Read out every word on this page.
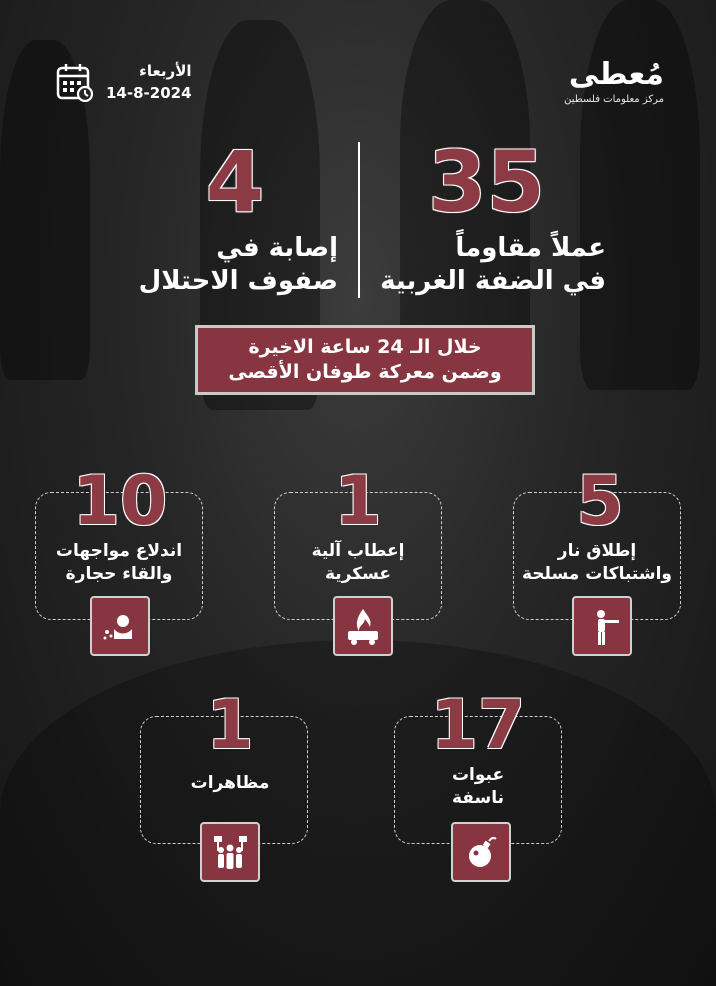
مُعطى
مركز معلومات فلسطين
الأربعاء
14-8-2024
35
عملاً مقاوماً
في الضفة الغربية
4
إصابة في
صفوف الاحتلال
خلال الـ 24 ساعة الاخيرة
وضمن معركة طوفان الأقصى
5
إطلاق نار
واشتباكات مسلحة
1
إعطاب آلية
عسكرية
10
اندلاع مواجهات
والقاء حجارة
17
عبوات
ناسفة
1
مظاهرات
